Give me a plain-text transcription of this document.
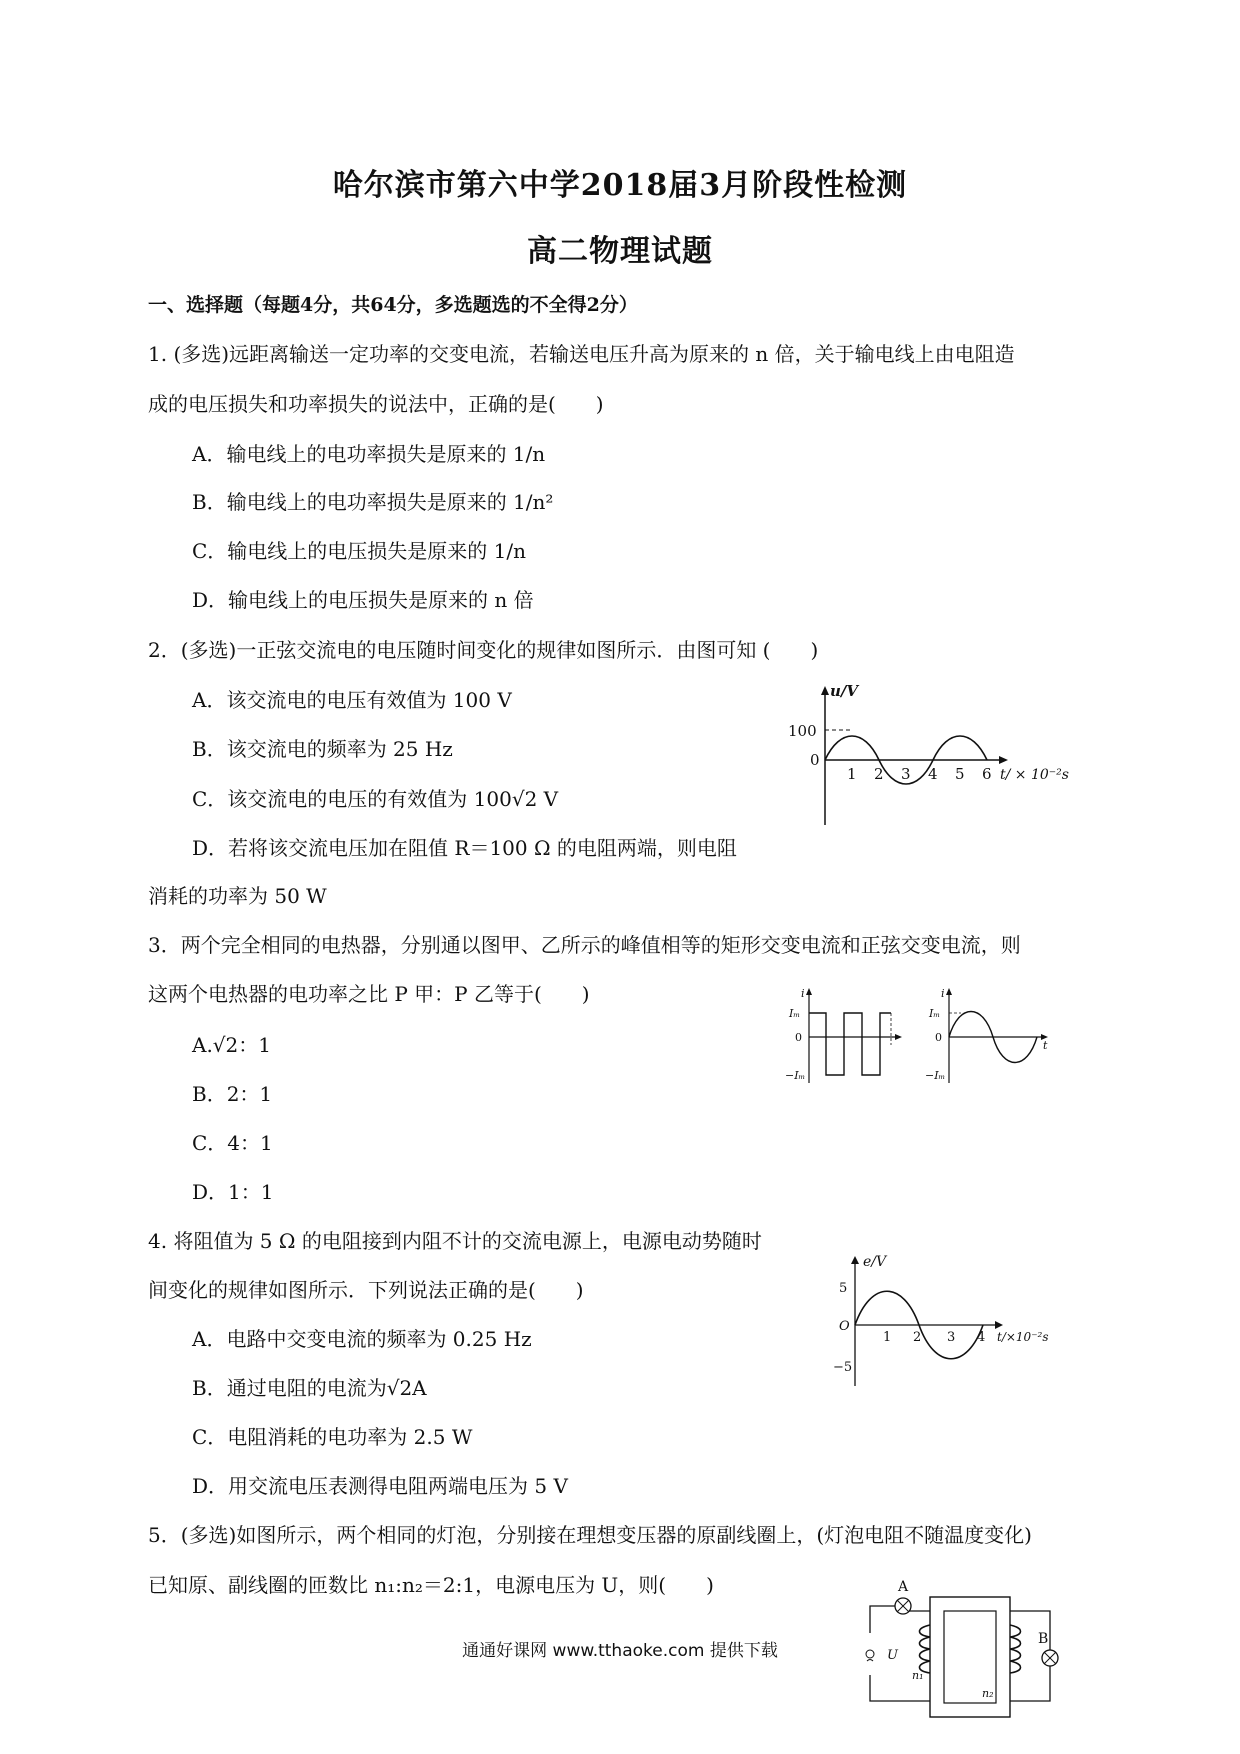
哈尔滨市第六中学2018届3月阶段性检测
高二物理试题
一、选择题（每题4分，共64分，多选题选的不全得2分）
1. (多选)远距离输送一定功率的交变电流，若输送电压升高为原来的 n 倍，关于输电线上由电阻造
成的电压损失和功率损失的说法中，正确的是(　　)
A．输电线上的电功率损失是原来的 1/n
B．输电线上的电功率损失是原来的 1/n²
C．输电线上的电压损失是原来的 1/n
D．输电线上的电压损失是原来的 n 倍
2．(多选)一正弦交流电的电压随时间变化的规律如图所示．由图可知 (　　)
A．该交流电的电压有效值为 100 V
B．该交流电的频率为 25 Hz
C．该交流电的电压的有效值为 100√2 V
D．若将该交流电压加在阻值 R＝100 Ω 的电阻两端，则电阻
消耗的功率为 50 W
u/V
100
0
1 2 3 4 5 6 t/ × 10⁻²s
3．两个完全相同的电热器，分别通以图甲、乙所示的峰值相等的矩形交变电流和正弦交变电流，则
这两个电热器的电功率之比 P 甲：P 乙等于(　　)
A.√2：1
B．2：1
C．4：1
D．1：1
i
Iₘ
0
−Iₘ
i
Iₘ
0
−Iₘ
t
4. 将阻值为 5 Ω 的电阻接到内阻不计的交流电源上，电源电动势随时
间变化的规律如图所示．下列说法正确的是(　　)
A．电路中交变电流的频率为 0.25 Hz
B．通过电阻的电流为√2A
C．电阻消耗的电功率为 2.5 W
D．用交流电压表测得电阻两端电压为 5 V
e/V
5
O
−5
1 2 3 4 t/×10⁻²s
5．(多选)如图所示，两个相同的灯泡，分别接在理想变压器的原副线圈上，(灯泡电阻不随温度变化)
已知原、副线圈的匝数比 n₁:n₂＝2:1，电源电压为 U，则(　　)	A
B
U
n₁
n₂
通通好课网 www.tthaoke.com 提供下载
